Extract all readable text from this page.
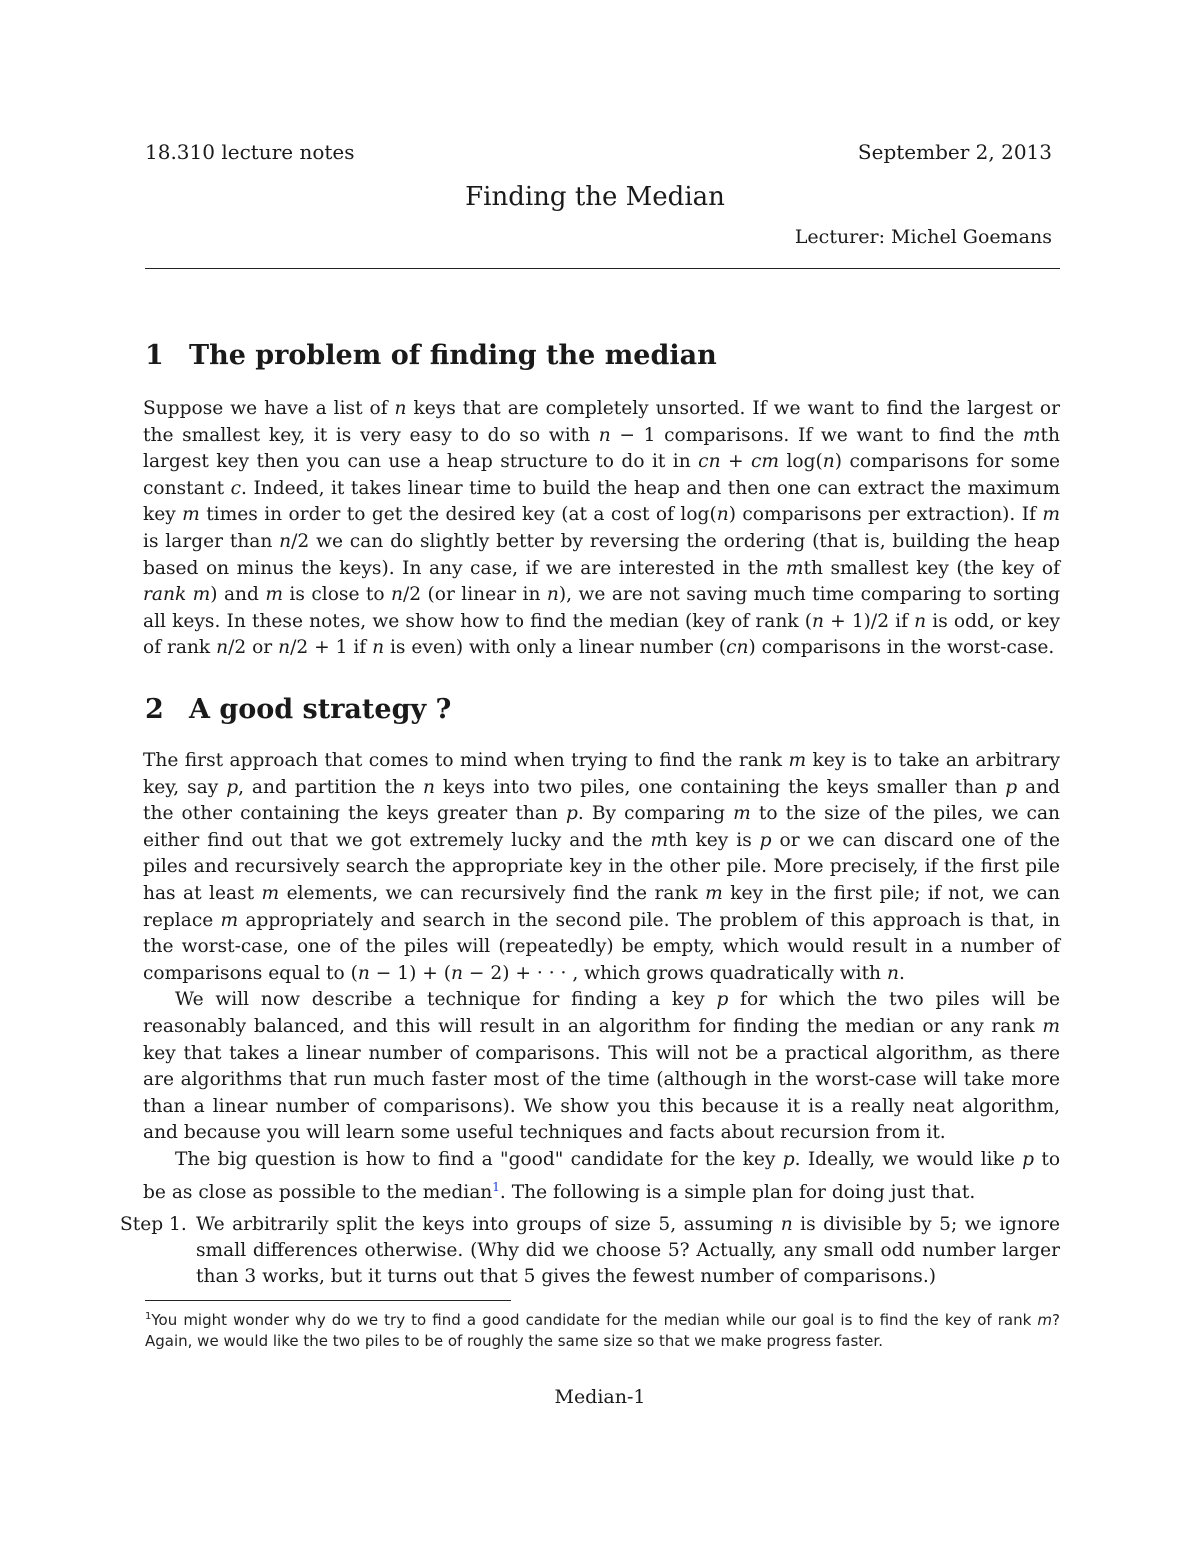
18.310 lecture notes	September 2, 2013
Finding the Median
Lecturer: Michel Goemans
1 The problem of finding the median

Suppose we have a list of n keys that are completely unsorted. If we want to find the largest or the smallest key, it is very easy to do so with n − 1 comparisons. If we want to find the mth largest key then you can use a heap structure to do it in cn + cm log(n) comparisons for some constant c. Indeed, it takes linear time to build the heap and then one can extract the maximum key m times in order to get the desired key (at a cost of log(n) comparisons per extraction). If m is larger than n/2 we can do slightly better by reversing the ordering (that is, building the heap based on minus the keys). In any case, if we are interested in the mth smallest key (the key of rank m) and m is close to n/2 (or linear in n), we are not saving much time comparing to sorting all keys. In these notes, we show how to find the median (key of rank (n + 1)/2 if n is odd, or key of rank n/2 or n/2 + 1 if n is even) with only a linear number (cn) comparisons in the worst-case.

2 A good strategy ?

The first approach that comes to mind when trying to find the rank m key is to take an arbitrary key, say p, and partition the n keys into two piles, one containing the keys smaller than p and the other containing the keys greater than p. By comparing m to the size of the piles, we can either find out that we got extremely lucky and the mth key is p or we can discard one of the piles and recursively search the appropriate key in the other pile. More precisely, if the first pile has at least m elements, we can recursively find the rank m key in the first pile; if not, we can replace m appropriately and search in the second pile. The problem of this approach is that, in the worst-case, one of the piles will (repeatedly) be empty, which would result in a number of comparisons equal to (n − 1) + (n − 2) + · · · , which grows quadratically with n.

We will now describe a technique for finding a key p for which the two piles will be reasonably balanced, and this will result in an algorithm for finding the median or any rank m key that takes a linear number of comparisons. This will not be a practical algorithm, as there are algorithms that run much faster most of the time (although in the worst-case will take more than a linear number of comparisons). We show you this because it is a really neat algorithm, and because you will learn some useful techniques and facts about recursion from it.

The big question is how to find a "good" candidate for the key p. Ideally, we would like p to be as close as possible to the median$^1$. The following is a simple plan for doing just that.

Step 1. We arbitrarily split the keys into groups of size 5, assuming n is divisible by 5; we ignore small differences otherwise. (Why did we choose 5? Actually, any small odd number larger than 3 works, but it turns out that 5 gives the fewest number of comparisons.)
$^1$You might wonder why do we try to find a good candidate for the median while our goal is to find the key of rank m? Again, we would like the two piles to be of roughly the same size so that we make progress faster.
Median-1
